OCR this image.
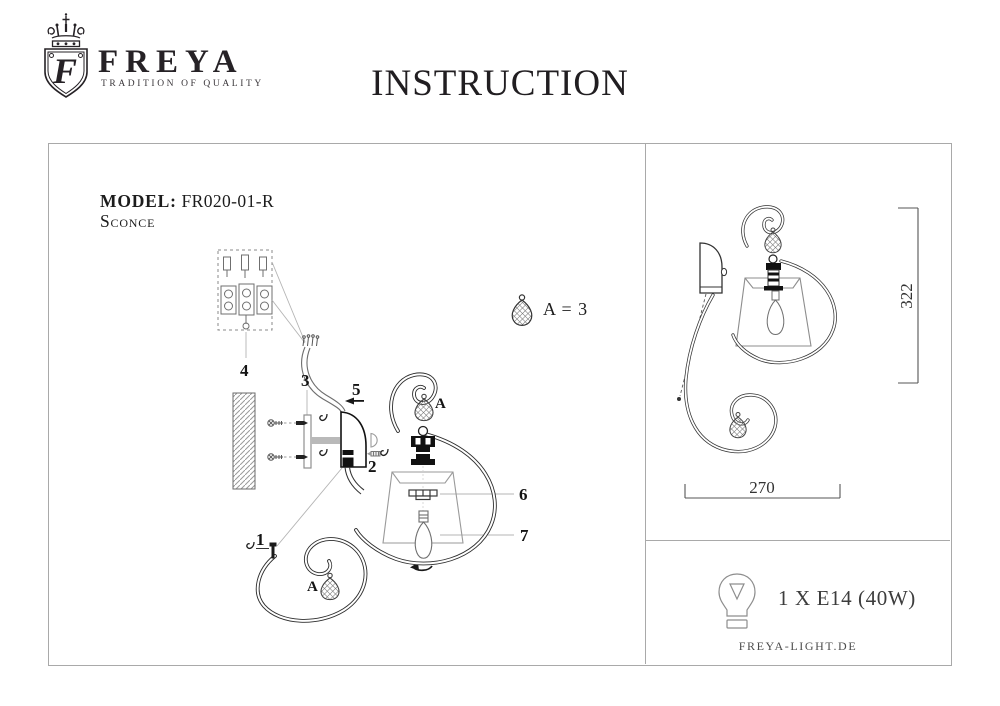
F FREYA
TRADITION OF QUALITY	INSTRUCTION
MODEL: FR020-01-R
Sconce
4
3	5
2
1
6
7
A
A
A = 3
322
270
1 X E14 (40W)
FREYA-LIGHT.DE
